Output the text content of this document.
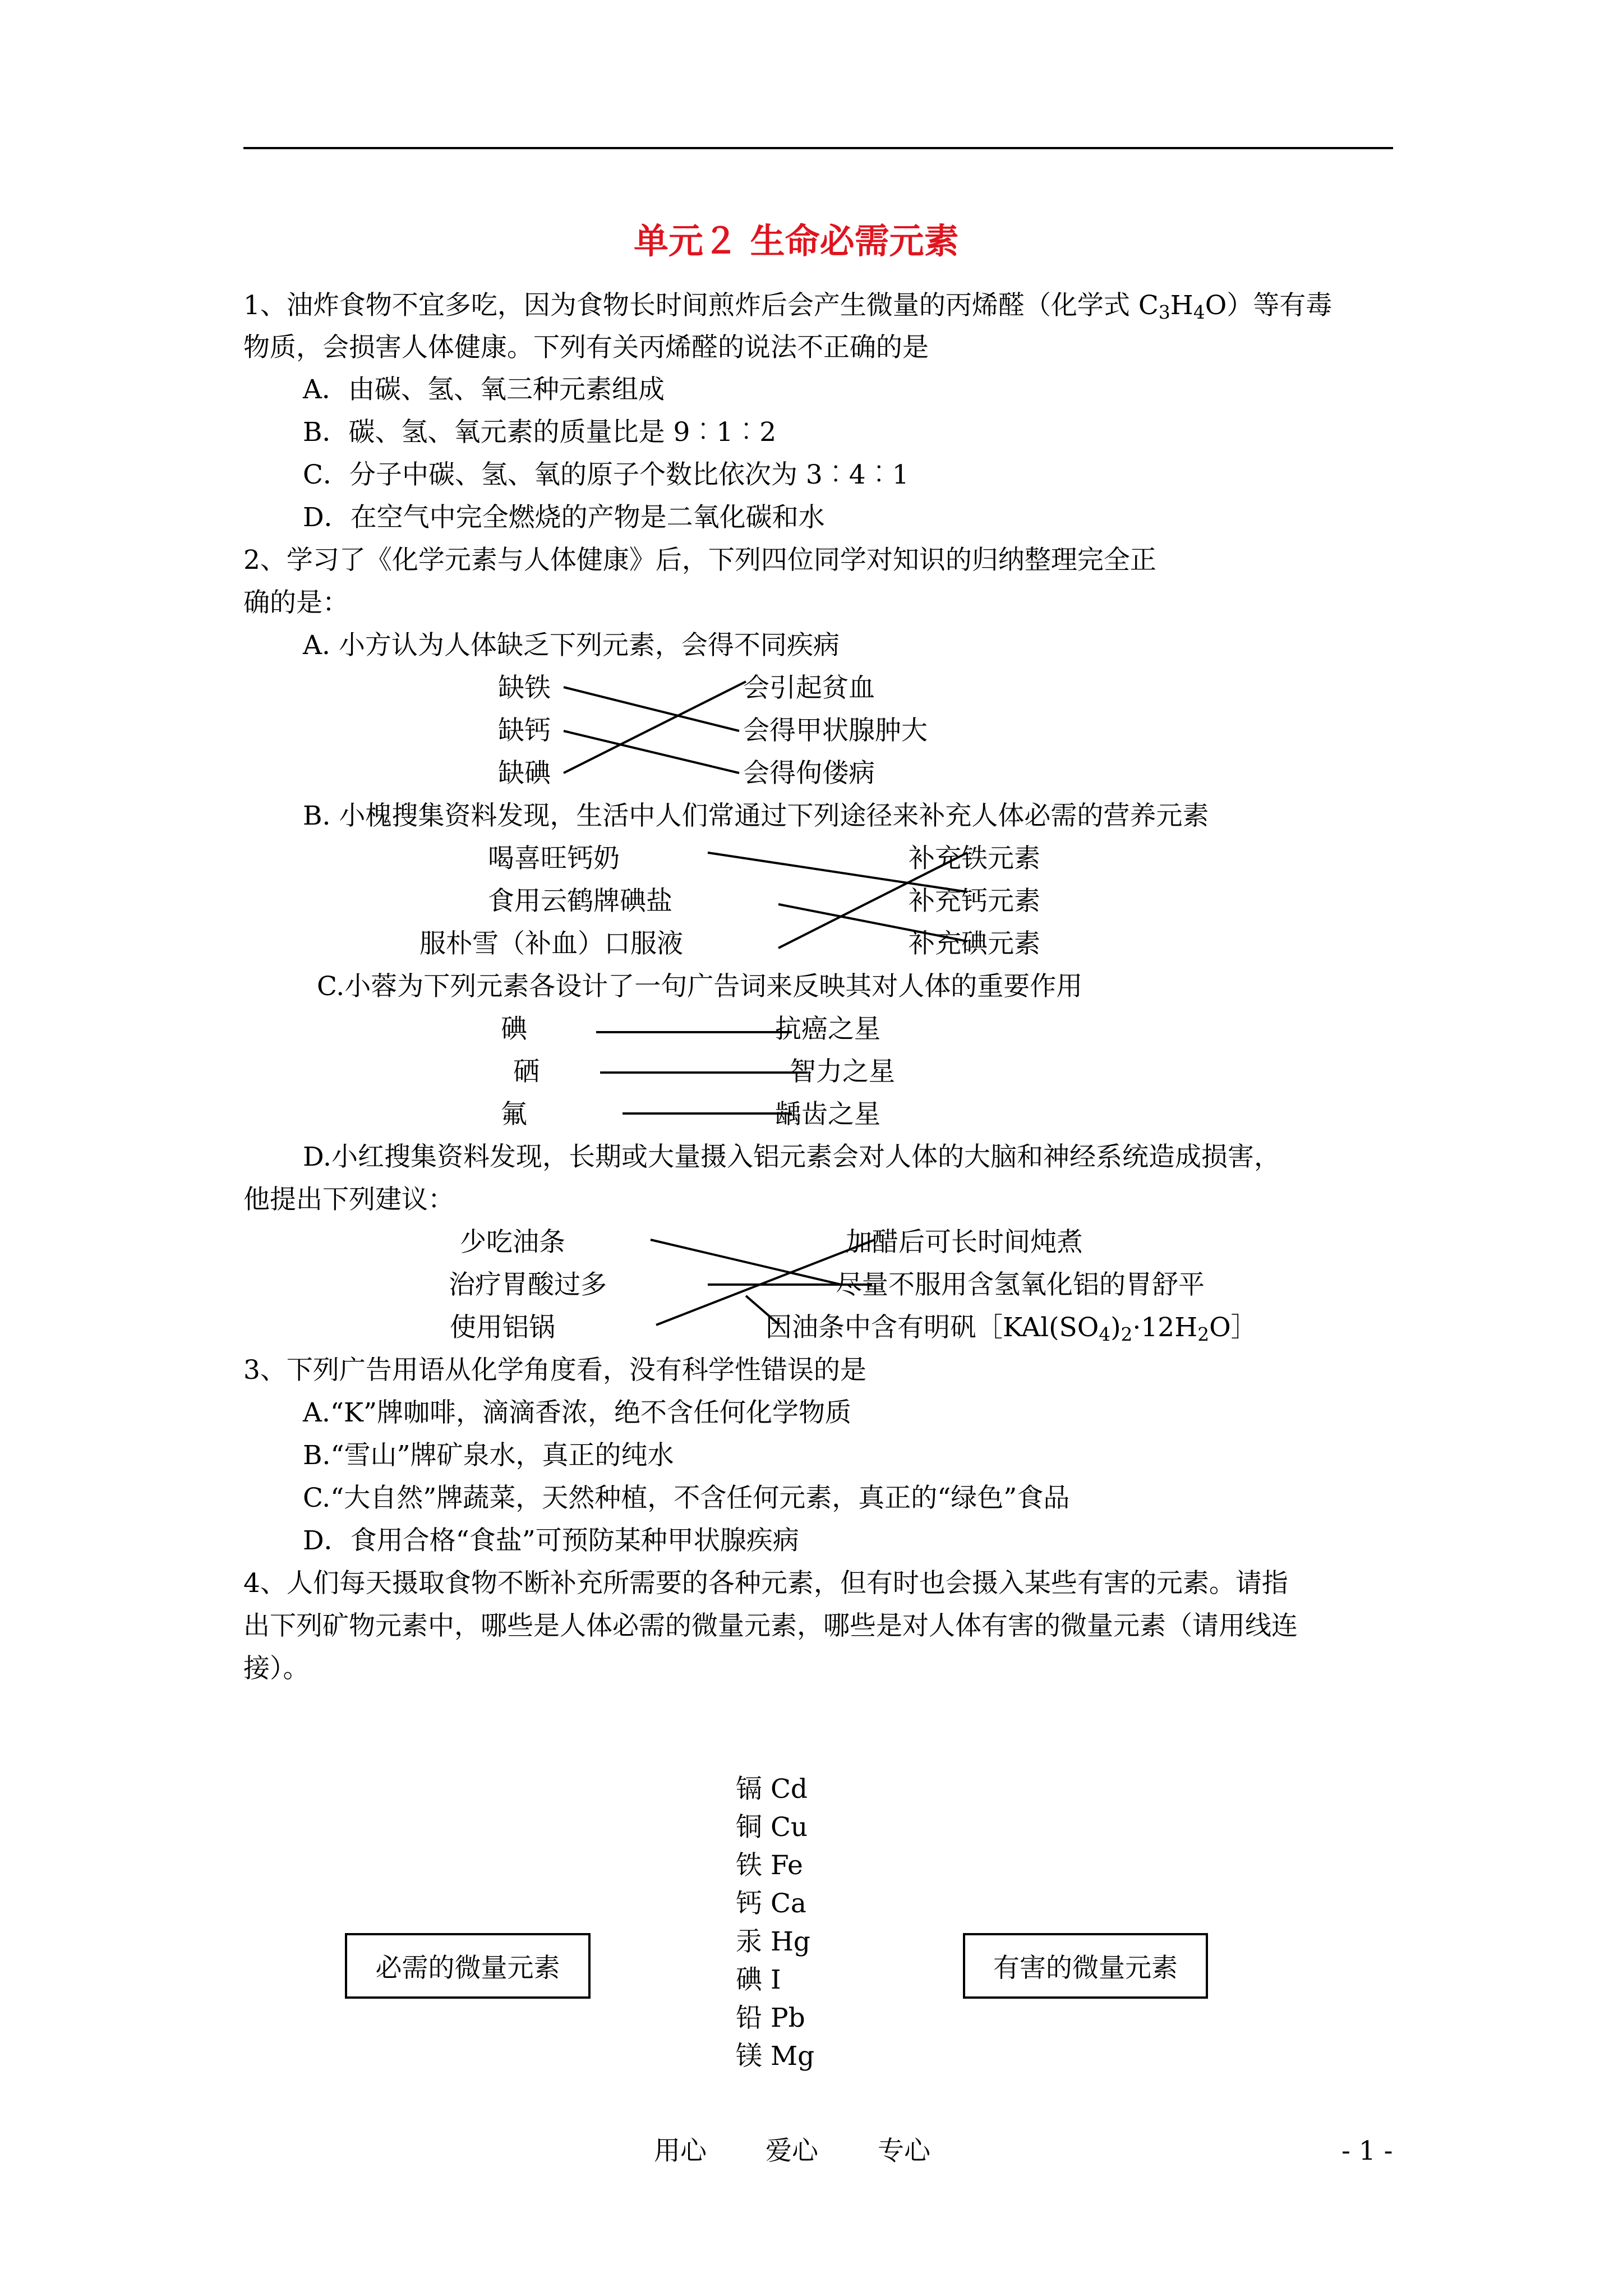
单元２ 生命必需元素
1、油炸食物不宜多吃，因为食物长时间煎炸后会产生微量的丙烯醛（化学式 $C_3H_4O$）等有毒
物质，会损害人体健康。下列有关丙烯醛的说法不正确的是
A．由碳、氢、氧三种元素组成
B．碳、氢、氧元素的质量比是 9︰1︰2
C．分子中碳、氢、氧的原子个数比依次为 3︰4︰1
D．在空气中完全燃烧的产物是二氧化碳和水
2、学习了《化学元素与人体健康》后，下列四位同学对知识的归纳整理完全正
确的是：
A. 小方认为人体缺乏下列元素，会得不同疾病
缺铁
缺钙
缺碘
会引起贫血
会得甲状腺肿大
会得佝偻病
B. 小槐搜集资料发现，生活中人们常通过下列途径来补充人体必需的营养元素
喝喜旺钙奶
食用云鹤牌碘盐
服朴雪（补血）口服液
补充铁元素
补充钙元素
补充碘元素
C.小蓉为下列元素各设计了一句广告词来反映其对人体的重要作用
碘
硒
氟
抗癌之星
智力之星
龋齿之星
D.小红搜集资料发现，长期或大量摄入铝元素会对人体的大脑和神经系统造成损害，
他提出下列建议：
少吃油条
治疗胃酸过多
使用铝锅
加醋后可长时间炖煮
尽量不服用含氢氧化铝的胃舒平
因油条中含有明矾$[KAl(SO_4)_2\cdot 12H_2O]$
3、下列广告用语从化学角度看，没有科学性错误的是
A.“K”牌咖啡，滴滴香浓，绝不含任何化学物质
B.“雪山”牌矿泉水，真正的纯水
C.“大自然”牌蔬菜，天然种植，不含任何元素，真正的“绿色”食品
D．食用合格“食盐”可预防某种甲状腺疾病
4、人们每天摄取食物不断补充所需要的各种元素，但有时也会摄入某些有害的元素。请指
出下列矿物元素中，哪些是人体必需的微量元素，哪些是对人体有害的微量元素（请用线连
接）。
镉 Cd
铜 Cu
铁 Fe
钙 Ca
汞 Hg
碘 I
铅 Pb
镁 Mg
必需的微量元素	有害的微量元素
用心 爱心 专心	- 1 -
